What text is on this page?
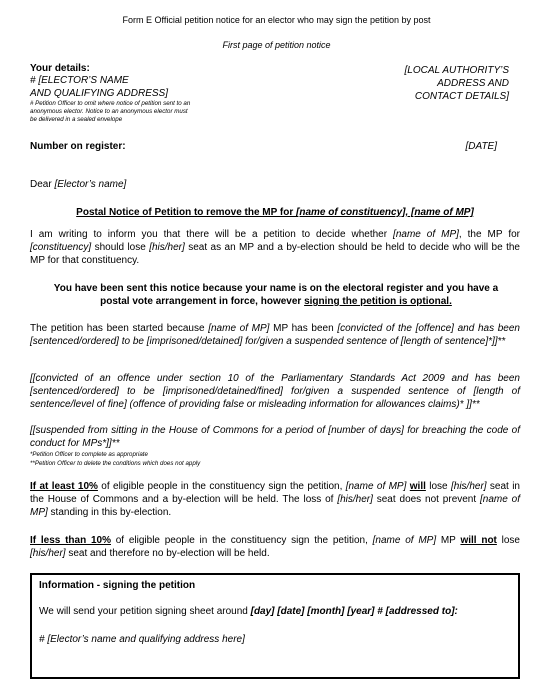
Form E Official petition notice for an elector who may sign the petition by post
First page of petition notice
Your details:
# [ELECTOR’S NAME
AND QUALIFYING ADDRESS]
# Petition Officer to omit where notice of petition sent to an
anonymous elector. Notice to an anonymous elector must
be delivered in a sealed envelope
[LOCAL AUTHORITY’S
ADDRESS AND
CONTACT DETAILS]
Number on register:	[DATE]
Dear [Elector’s name]
Postal Notice of Petition to remove the MP for [name of constituency], [name of MP]
I am writing to inform you that there will be a petition to decide whether [name of MP], the MP for [constituency] should lose [his/her] seat as an MP and a by-election should be held to decide who will be the MP for that constituency.
You have been sent this notice because your name is on the electoral register and you have a postal vote arrangement in force, however signing the petition is optional.
The petition has been started because [name of MP] MP has been [convicted of the [offence] and has been [sentenced/ordered] to be [imprisoned/detained] for/given a suspended sentence of [length of sentence]*]]**
[[convicted of an offence under section 10 of the Parliamentary Standards Act 2009 and has been [sentenced/ordered] to be [imprisoned/detained/fined] for/given a suspended sentence of [length of sentence/level of fine] (offence of providing false or misleading information for allowances claims)* ]]**
[[suspended from sitting in the House of Commons for a period of [number of days] for breaching the code of conduct for MPs*]]**
*Petition Officer to complete as appropriate
**Petition Officer to delete the conditions which does not apply
If at least 10% of eligible people in the constituency sign the petition, [name of MP] will lose [his/her] seat in the House of Commons and a by-election will be held. The loss of [his/her] seat does not prevent [name of MP] standing in this by-election.
If less than 10% of eligible people in the constituency sign the petition, [name of MP] MP will not lose [his/her] seat and therefore no by-election will be held.
Information - signing the petition
We will send your petition signing sheet around [day] [date] [month] [year] # [addressed to]:
# [Elector’s name and qualifying address here]
